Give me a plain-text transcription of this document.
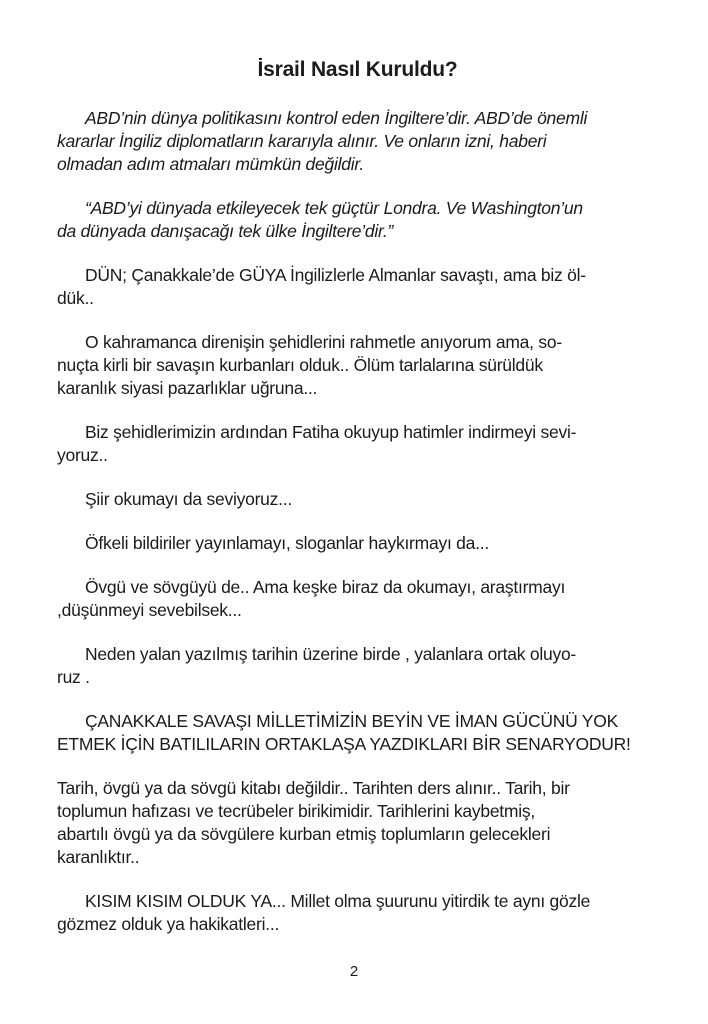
İsrail Nasıl Kuruldu?
ABD’nin dünya politikasını kontrol eden İngiltere’dir. ABD’de önemli
kararlar İngiliz diplomatların kararıyla alınır. Ve onların izni, haberi
olmadan adım atmaları mümkün değildir.
“ABD’yi dünyada etkileyecek tek güçtür Londra. Ve Washington’un
da dünyada danışacağı tek ülke İngiltere’dir.”
DÜN; Çanakkale’de GÜYA İngilizlerle Almanlar savaştı, ama biz öl-
dük..
O kahramanca direnişin şehidlerini rahmetle anıyorum ama, so-
nuçta kirli bir savaşın kurbanları olduk.. Ölüm tarlalarına sürüldük
karanlık siyasi pazarlıklar uğruna...
Biz şehidlerimizin ardından Fatiha okuyup hatimler indirmeyi sevi-
yoruz..
Şiir okumayı da seviyoruz...
Öfkeli bildiriler yayınlamayı, sloganlar haykırmayı da...
Övgü ve sövgüyü de.. Ama keşke biraz da okumayı, araştırmayı
,düşünmeyi sevebilsek...
Neden yalan yazılmış tarihin üzerine birde , yalanlara ortak oluyo-
ruz .
ÇANAKKALE SAVAŞI MİLLETİMİZİN BEYİN VE İMAN GÜCÜNÜ YOK
ETMEK İÇİN BATILILARIN ORTAKLAŞA YAZDIKLARI BİR SENARYODUR!
Tarih, övgü ya da sövgü kitabı değildir.. Tarihten ders alınır.. Tarih, bir
toplumun hafızası ve tecrübeler birikimidir. Tarihlerini kaybetmiş,
abartılı övgü ya da sövgülere kurban etmiş toplumların gelecekleri
karanlıktır..
KISIM KISIM OLDUK YA... Millet olma şuurunu yitirdik te aynı gözle
gözmez olduk ya hakikatleri...
2
